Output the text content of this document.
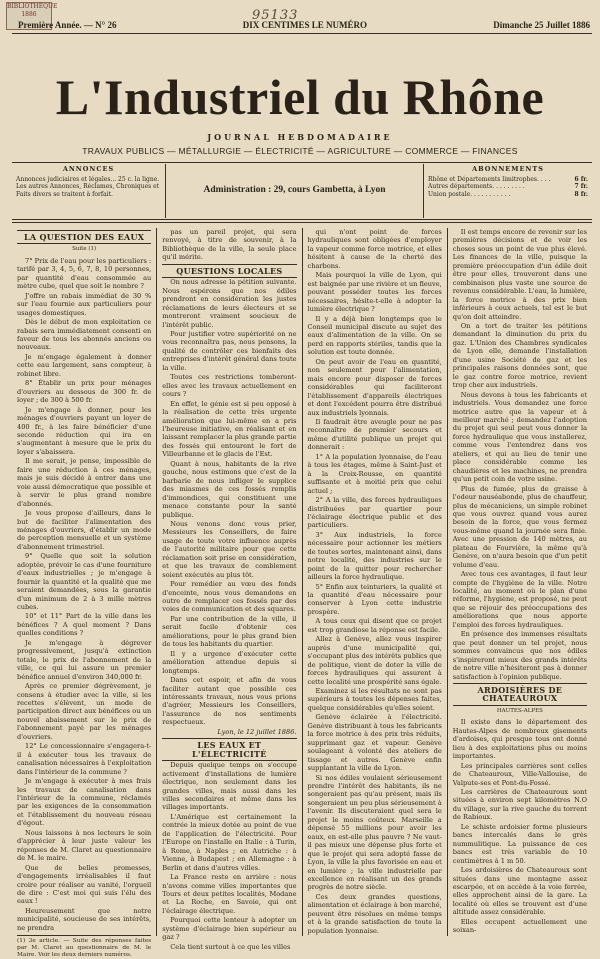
BIBLIOTHÈQUE 1886	95133
Première Année. — N° 26	DIX CENTIMES LE NUMÉRO	Dimanche 25 Juillet 1886
L'Industriel du Rhône
JOURNAL HEBDOMADAIRE
TRAVAUX PUBLICS — MÉTALLURGIE — ÉLECTRICITÉ — AGRICULTURE — COMMERCE — FINANCES
ANNONCES
Annonces judiciaires et légales... 25 c. la ligne.
Les autres Annonces, Réclames, Chroniques et
Faits divers se traitent à forfait.	Administration : 29, cours Gambetta, à Lyon
ABONNEMENTS
Rhône et Départements limitrophes. . . .	6 fr.
Autres départements. . . . . . . . .	7 fr.
Union postale. . . . . . . . . . .	8 fr.
LA QUESTION DES EAUX
Suite (1)

7° Prix de l'eau pour les particuliers : tarifé par 3, 4, 5, 6, 7, 8, 10 personnes, par quantité d'eau consommée au mètre cube, quel que soit le nombre ?

J'offre un rabais immédiat de 30 % sur l'eau fournie aux particuliers pour usages domestiques.

Dès le début de mon exploitation ce rabais sera immédiatement consenti en faveur de tous les abonnés anciens ou nouveaux.

Je m'engage également à donner cette eau largement, sans compteur, à robinet libre.

8° Établir un prix pour ménages d'ouvriers au dessous de 300 fr. de loyer ; de 300 à 500 fr.

Je m'engage à donner, pour les ménages d'ouvriers payant un loyer de 400 fr., à les faire bénéficier d'une seconde réduction qui ira en s'augmentant à mesure que le prix du loyer s'abaissera.

Il me serait, je pense, impossible de faire une réduction à ces ménages, mais je suis décidé à entrer dans une voie aussi démocratique que possible et à servir le plus grand nombre d'abonnés.

Je vous propose d'ailleurs, dans le but de faciliter l'alimentation des ménages d'ouvriers, d'établir un mode de perception mensuelle et un système d'abonnement trimestriel.

9° Quelle que soit la solution adoptée, prévoir le cas d'une fourniture d'eaux industrielles ; je m'engage à fournir la quantité et la qualité que me seraient demandées, sous la garantie d'un minimum de 2 à 3 mille mètres cubes.

10° et 11° Part de la ville dans les bénéfices ? A quel moment ? Dans quelles conditions ?

Je m'engage à dégrever progressivement, jusqu'à extinction totale, le prix de l'abonnement de la ville, ce qui lui assure un premier bénéfice annuel d'environ 340,000 fr.

Après ce premier dégrèvement, je consens à étudier avec la ville, si les recettes s'élèvent, un mode de participation direct aux bénéfices ou un nouvel abaissement sur le prix de l'abonnement payé par les ménages d'ouvriers.

12° Le concessionnaire s'engagera-t-il à exécuter tous les travaux de canalisation nécessaires à l'exploitation dans l'intérieur de la commune ?

Je m'engage à exécuter à mes frais les travaux de canalisation dans l'intérieur de la commune, réclamés par les exigences de la consommation et l'établissement du nouveau réseau d'égout.

Nous laissons à nos lecteurs le soin d'apprécier à leur juste valeur les réponses de M. Claret au questionnaire de M. le maire.

Que de belles promesses, d'engagements irréalisables il faut croire pour réaliser au vanité, l'orgueil de dire : C'est moi qui suis l'élu des eaux !

Heureusement que notre municipalité, soucieuse de ses intérêts, ne prendra

(1) 3e article. — Suite des réponses faites par M. Claret au questionnaire de M. le Maire. Voir les deux derniers numéros.

pas un pareil projet, qui sera renvoyé, à titre de souvenir, à la Bibliothèque de la ville, la seule place qu'il mérite.

QUESTIONS LOCALES

On nous adresse la pétition suivante. Nous espérons que nos édiles prendront en considération les justes réclamations de leurs électeurs et se montreront vraiment soucieux de l'intérêt public.

Pour justifier votre supériorité on ne vous reconnaîtra pas, nous pensons, la qualité de contrôler ces bienfaits des entreprises d'intérêt général dans toute la ville.

Toutes ces restrictions tomberont-elles avec les travaux actuellement en cours ?

En effet, le génie est si peu opposé à la réalisation de cette très urgente amélioration que lui-même en a pris l'heureuse initiative, en réalisant et en laissant remplacer la plus grande partie des fossés qui entourent le fort de Villeurbanne et le glacis de l'Est.

Quant à nous, habitants de la rive gauche, nous estimons que c'est de la barbarie de nous infliger le supplice des miasmes de ces fossés remplis d'immondices, qui constituent une menace constante pour la santé publique.

Nous venons donc vous prier, Messieurs les Conseillers, de faire usage de toute votre influence auprès de l'autorité militaire pour que cette réclamation soit prise en considération, et que les travaux de comblement soient exécutés au plus tôt.

Pour remédier au vœu des fonds d'enceinte, nous vous demandons en outre de remplacer ces fossés par des voies de communication et des squares.

Par une contribution de la ville, il serait facile d'obtenir ces améliorations, pour le plus grand bien de tous les habitants du quartier.

Il y a urgence d'exécuter cette amélioration attendue depuis si longtemps.

Dans cet espoir, et afin de vous faciliter autant que possible ces intéressants travaux, nous vous prions d'agréer, Messieurs les Conseillers, l'assurance de nos sentiments respectueux.

Lyon, le 12 juillet 1886.
LES EAUX ET L'ÉLECTRICITÉ

Depuis quelque temps on s'occupe activement d'installations de lumière électrique, non seulement dans les grandes villes, mais aussi dans les villes secondaires et même dans les villages importants.

L'Amérique est certainement la contrée la mieux dotée au point de vue de l'application de l'électricité. Pour l'Europe on l'installe en Italie : à Turin, à Rome, à Naples ; en Autriche : à Vienne, à Budapest ; en Allemagne : à Berlin et dans d'autres villes.

La France reste en arrière : nous n'avons comme villes importantes que Tours et deux petites localités, Modane et La Roche, en Savoie, qui ont l'éclairage électrique.

Pourquoi cette lenteur à adopter un système d'éclairage bien supérieur au gaz ?

Cela tient surtout à ce que les villes

qui n'ont point de forces hydrauliques sont obligées d'employer la vapeur comme force motrice, et elles hésitent à cause de la cherté des charbons.

Mais pourquoi la ville de Lyon, qui est baignée par une rivière et un fleuve, pouvant posséder toutes les forces nécessaires, hésite-t-elle à adopter la lumière électrique ?

Il y a déjà bien longtemps que le Conseil municipal discute au sujet des eaux d'alimentation de la ville. On se perd en rapports stériles, tandis que la solution est toute donnée.

On peut avoir de l'eau en quantité, non seulement pour l'alimentation, mais encore pour disposer de forces considérables qui faciliteront l'établissement d'appareils électriques et dont l'excédent pourra être distribué aux industriels lyonnais.

Il faudrait être aveugle pour ne pas reconnaître de premier secours et même d'utilité publique un projet qui donnerait :

1° A la population lyonnaise, de l'eau à tous les étages, même à Saint-Just et à la Croix-Rousse, en quantité suffisante et à moitié prix que celui actuel ;

2° A la ville, des forces hydrauliques distribuées par quartier pour l'éclairage électrique public et des particuliers.

3° Aux industriels, la force nécessaire pour actionner les métiers de toutes sortes, maintenant ainsi, dans notre localité, des industries sur le point de la quitter pour rechercher ailleurs la force hydraulique.

5° Enfin aux teinturiers, la qualité et la quantité d'eau nécessaire pour conserver à Lyon cette industrie prospère.

A tous ceux qui disent que ce projet est trop grandiose la réponse est facile.

Allez à Genève, allez vous inspirer auprès d'une municipalité qui, s'occupant plus des intérêts publics que de politique, vient de doter la ville de forces hydrauliques qui assurent à cette localité une prospérité sans égale.

Examinez si les résultats ne sont pas supérieurs à toutes les dépenses faites, quelque considérables qu'elles soient.

Genève éclairée à l'électricité. Genève distribuant à tous les fabricants la force motrice à des prix très réduits, supprimant gaz et vapeur. Genève soulageant à volonté des ateliers de tissage et autres. Genève enfin supplantant la ville de Lyon.

Si nos édiles voulaient sérieusement prendre l'intérêt des habitants, ils ne songeraient pas qu'au présent, mais ils songeraient un peu plus sérieusement à l'avenir. Ils discuteraient quel sera le projet le moins coûteux. Marseille a dépensé 55 millions pour avoir les eaux, en est-elle plus pauvre ? Ne vaut-il pas mieux une dépense plus forte et que le projet qui sera adopté fasse de Lyon, la ville la plus favorisée en eau et en lumière ; la ville industrielle par excellence en réalisant un des grands progrès de notre siècle.

Ces deux grandes questions, alimentation et éclairage à bon marché, peuvent être résolues en même temps et à la grande satisfaction de toute la population lyonnaise.

Il est temps encore de revenir sur les premières décisions et de voir les choses sous un point de vue plus élevé. Les finances de la ville, puisque la première préoccupation d'un édile doit être pour elles, trouveront dans une combinaison plus vaste une source de revenus considérable. L'eau, la lumière, la force motrice à des prix bien inférieurs à ceux actuels, tel est le but qu'on doit atteindre.

On a tort de traiter les pétitions demandant la diminution du prix du gaz. L'Union des Chambres syndicales de Lyon elle, demande l'installation d'une usine Société de gaz et les principales raisons données sont, que le gaz contre force motrice, revient trop cher aux industriels.

Nous devons à tous les fabricants et industriels. Vous demandez une force motrice autre que la vapeur et à meilleur marché ; demandez l'adoption du projet qui seul peut vous donner la force hydraulique que vous installerez, comme vous l'entendrez dans vos ateliers, et qui au lieu de tenir une place considérable comme les chaudières et les machines, ne prendra qu'un petit coin de votre usine.

Plus de fumée, plus de graisse à l'odeur nauséabonde, plus de chauffeur, plus de mécaniciens, un simple robinet que vous ouvrez quand vous aurez besoin de la force, que vous fermez vous-même quand la journée sera finie. Avec une pression de 140 mètres, au plateau de Fourvière, la même qu'à Genève, on n'aura besoin que d'un petit volume d'eau.

Avec tous ces avantages, il faut leur compte de l'hygiène de la ville. Notre localité, au moment où le plan d'une réforme, l'hygiène, est proposé, ne peut que se réjouir des préoccupations des améliorations que nous apporte l'emploi des forces hydrauliques.

En présence des immenses résultats que peut donner un tel projet, nous sommes convaincus que nos édiles s'inspireront mieux des grands intérêts de notre ville n'hésiteront pas à donner satisfaction à l'opinion publique.

ARDOISIÈRES DE CHATEAUROUX
HAUTES-ALPES

Il existe dans le département des Hautes-Alpes de nombreux gisements d'ardoises, qui presque tous ont donné lieu à des exploitations plus ou moins importantes.

Les principales carrières sont celles de Chateauroux, Ville-Vallouise, de Valpute-ses et Pont-du-Fossé.

Les carrières de Chateauroux sont situées à environ sept kilomètres N.O du village, sur la rive gauche du torrent de Rabioux.

Le schiste ardoisier forme plusieurs bancs intercalés dans le grès nummulitique. La puissance de ces bancs est très variable de 10 centimètres à 1 m 50.

Les ardoisières de Chateauroux sont situées dans une montagne assez escarpée, et on accède à la voie ferrée, elles approchent ainsi de la gare. La localité où elles se trouvent est d'une altitude assez considérable.

Elles occupent actuellement une soixan-
